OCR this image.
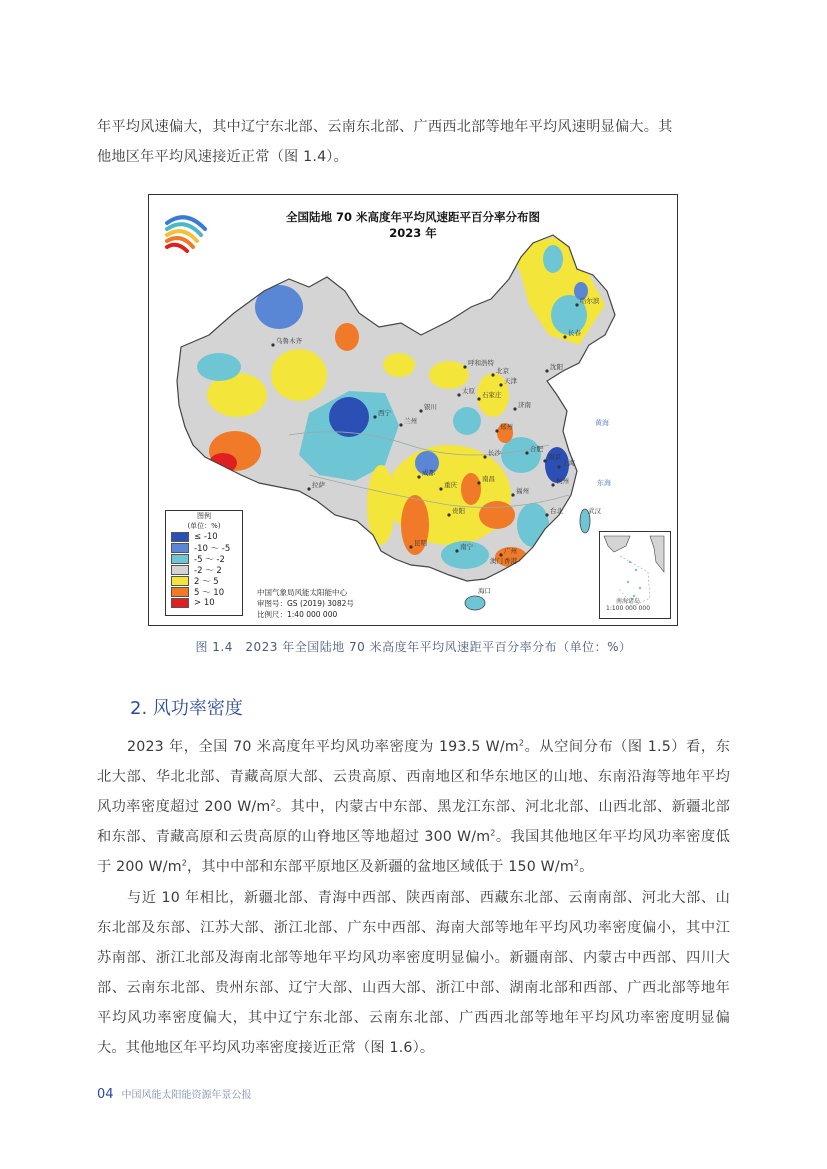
年平均风速偏大，其中辽宁东北部、云南东北部、广西西北部等地年平均风速明显偏大。其
他地区年平均风速接近正常（图 1.4）。

全国陆地 70 米高度年平均风速距平百分率分布图
2023 年
乌鲁木齐
呼和浩特
北京
天津
石家庄
太原
银川
兰州
西宁
济南
郑州
合肥
南京
上海
杭州
武汉
长沙
南昌
福州
台北
成都
重庆
贵阳
昆明	南宁	广州
香港
澳门
海口
拉萨
长春
哈尔滨
沈阳
东海
黄海
图例
(单位：%)
≤ -10
-10 ～ -5
-5 ～ -2
-2 ～ 2
2 ～ 5
5 ～ 10
> 10
中国气象局风能太阳能中心
审图号：GS (2019) 3082号
比例尺：1:40 000 000
南海诸岛
1:100 000 000
图 1.4　2023 年全国陆地 70 米高度年平均风速距平百分率分布（单位：%）
2. 风功率密度

2023 年，全国 70 米高度年平均风功率密度为 193.5 $W/m^2$。从空间分布（图 1.5）看，东北大部、华北北部、青藏高原大部、云贵高原、西南地区和华东地区的山地、东南沿海等地年平均风功率密度超过 200 $W/m^2$。其中，内蒙古中东部、黑龙江东部、河北北部、山西北部、新疆北部和东部、青藏高原和云贵高原的山脊地区等地超过 300 $W/m^2$。我国其他地区年平均风功率密度低于 200 $W/m^2$，其中中部和东部平原地区及新疆的盆地区域低于 150 $W/m^2$。

与近 10 年相比，新疆北部、青海中西部、陕西南部、西藏东北部、云南南部、河北大部、山东北部及东部、江苏大部、浙江北部、广东中西部、海南大部等地年平均风功率密度偏小，其中江苏南部、浙江北部及海南北部等地年平均风功率密度明显偏小。新疆南部、内蒙古中西部、四川大部、云南东北部、贵州东部、辽宁大部、山西大部、浙江中部、湖南北部和西部、广西北部等地年平均风功率密度偏大，其中辽宁东北部、云南东北部、广西西北部等地年平均风功率密度明显偏大。其他地区年平均风功率密度接近正常（图 1.6）。

04 中国风能太阳能资源年景公报
